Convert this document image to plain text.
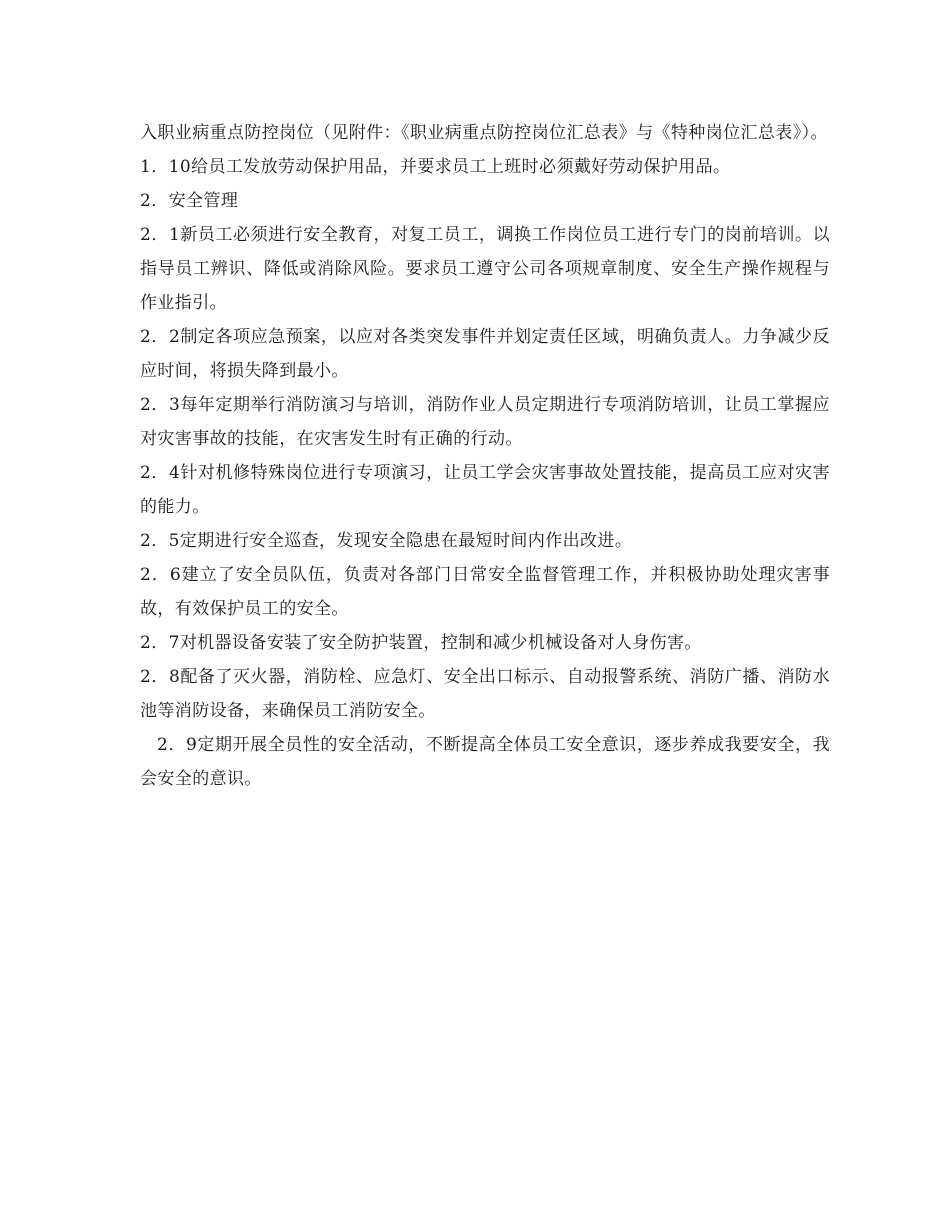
入职业病重点防控岗位（见附件：《职业病重点防控岗位汇总表》与《特种岗位汇总表》）。

1．10给员工发放劳动保护用品，并要求员工上班时必须戴好劳动保护用品。

2．安全管理

2．1新员工必须进行安全教育，对复工员工，调换工作岗位员工进行专门的岗前培训。以指导员工辨识、降低或消除风险。要求员工遵守公司各项规章制度、安全生产操作规程与作业指引。

2．2制定各项应急预案，以应对各类突发事件并划定责任区域，明确负责人。力争减少反应时间，将损失降到最小。

2．3每年定期举行消防演习与培训，消防作业人员定期进行专项消防培训，让员工掌握应对灾害事故的技能，在灾害发生时有正确的行动。

2．4针对机修特殊岗位进行专项演习，让员工学会灾害事故处置技能，提高员工应对灾害的能力。

2．5定期进行安全巡查，发现安全隐患在最短时间内作出改进。

2．6建立了安全员队伍，负责对各部门日常安全监督管理工作，并积极协助处理灾害事故，有效保护员工的安全。

2．7对机器设备安装了安全防护装置，控制和减少机械设备对人身伤害。

2．8配备了灭火器，消防栓、应急灯、安全出口标示、自动报警系统、消防广播、消防水池等消防设备，来确保员工消防安全。

2．9定期开展全员性的安全活动，不断提高全体员工安全意识，逐步养成我要安全，我会安全的意识。
